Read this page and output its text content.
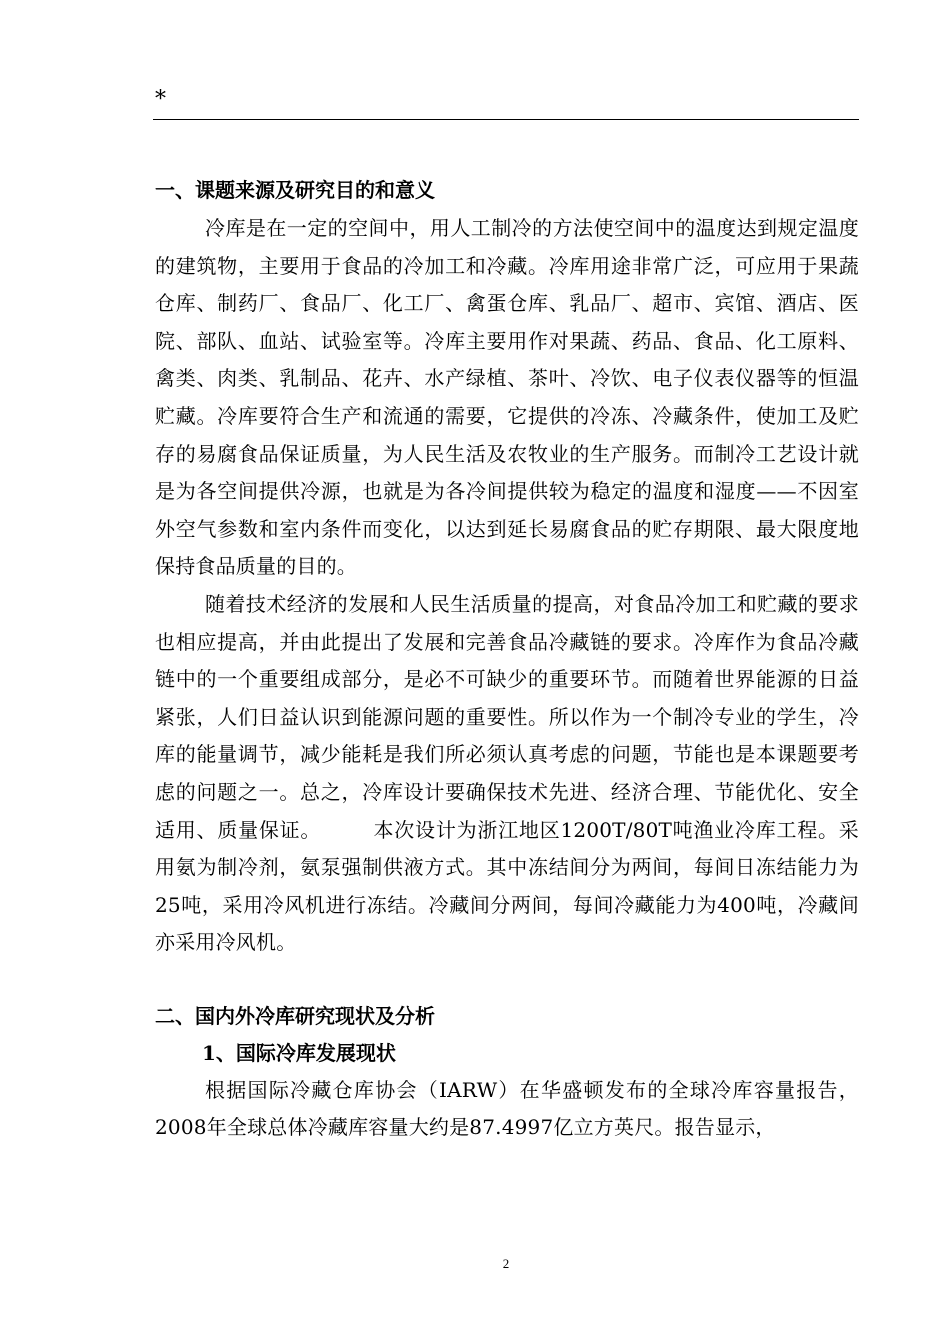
*
一、课题来源及研究目的和意义

冷库是在一定的空间中，用人工制冷的方法使空间中的温度达到规定温度的建筑物，主要用于食品的冷加工和冷藏。冷库用途非常广泛，可应用于果蔬仓库、制药厂、食品厂、化工厂、禽蛋仓库、乳品厂、超市、宾馆、酒店、医院、部队、血站、试验室等。冷库主要用作对果蔬、药品、食品、化工原料、禽类、肉类、乳制品、花卉、水产绿植、茶叶、冷饮、电子仪表仪器等的恒温贮藏。冷库要符合生产和流通的需要，它提供的冷冻、冷藏条件，使加工及贮存的易腐食品保证质量，为人民生活及农牧业的生产服务。而制冷工艺设计就是为各空间提供冷源，也就是为各冷间提供较为稳定的温度和湿度——不因室外空气参数和室内条件而变化，以达到延长易腐食品的贮存期限、最大限度地保持食品质量的目的。

随着技术经济的发展和人民生活质量的提高，对食品冷加工和贮藏的要求也相应提高，并由此提出了发展和完善食品冷藏链的要求。冷库作为食品冷藏链中的一个重要组成部分，是必不可缺少的重要环节。而随着世界能源的日益紧张，人们日益认识到能源问题的重要性。所以作为一个制冷专业的学生，冷库的能量调节，减少能耗是我们所必须认真考虑的问题，节能也是本课题要考虑的问题之一。总之，冷库设计要确保技术先进、经济合理、节能优化、安全适用、质量保证。　　　本次设计为浙江地区1200T/80T吨渔业冷库工程。采用氨为制冷剂，氨泵强制供液方式。其中冻结间分为两间，每间日冻结能力为25吨，采用冷风机进行冻结。冷藏间分两间，每间冷藏能力为400吨，冷藏间亦采用冷风机。

二、国内外冷库研究现状及分析
1、国际冷库发展现状

根据国际冷藏仓库协会（IARW）在华盛顿发布的全球冷库容量报告，2008年全球总体冷藏库容量大约是87.4997亿立方英尺。报告显示，

2
